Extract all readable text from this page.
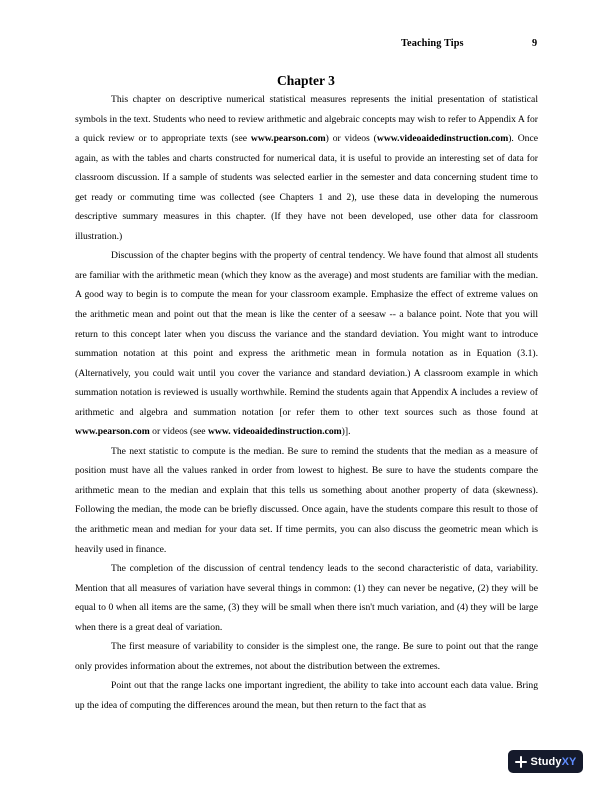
Teaching Tips	9
Chapter 3

This chapter on descriptive numerical statistical measures represents the initial presentation of statistical symbols in the text. Students who need to review arithmetic and algebraic concepts may wish to refer to Appendix A for a quick review or to appropriate texts (see www.pearson.com) or videos (www.videoaidedinstruction.com). Once again, as with the tables and charts constructed for numerical data, it is useful to provide an interesting set of data for classroom discussion. If a sample of students was selected earlier in the semester and data concerning student time to get ready or commuting time was collected (see Chapters 1 and 2), use these data in developing the numerous descriptive summary measures in this chapter. (If they have not been developed, use other data for classroom illustration.)

Discussion of the chapter begins with the property of central tendency. We have found that almost all students are familiar with the arithmetic mean (which they know as the average) and most students are familiar with the median. A good way to begin is to compute the mean for your classroom example. Emphasize the effect of extreme values on the arithmetic mean and point out that the mean is like the center of a seesaw -- a balance point. Note that you will return to this concept later when you discuss the variance and the standard deviation. You might want to introduce summation notation at this point and express the arithmetic mean in formula notation as in Equation (3.1). (Alternatively, you could wait until you cover the variance and standard deviation.) A classroom example in which summation notation is reviewed is usually worthwhile. Remind the students again that Appendix A includes a review of arithmetic and algebra and summation notation [or refer them to other text sources such as those found at www.pearson.com or videos (see www. videoaidedinstruction.com)].

The next statistic to compute is the median. Be sure to remind the students that the median as a measure of position must have all the values ranked in order from lowest to highest. Be sure to have the students compare the arithmetic mean to the median and explain that this tells us something about another property of data (skewness). Following the median, the mode can be briefly discussed. Once again, have the students compare this result to those of the arithmetic mean and median for your data set. If time permits, you can also discuss the geometric mean which is heavily used in finance.

The completion of the discussion of central tendency leads to the second characteristic of data, variability. Mention that all measures of variation have several things in common: (1) they can never be negative, (2) they will be equal to 0 when all items are the same, (3) they will be small when there isn't much variation, and (4) they will be large when there is a great deal of variation.

The first measure of variability to consider is the simplest one, the range. Be sure to point out that the range only provides information about the extremes, not about the distribution between the extremes.

Point out that the range lacks one important ingredient, the ability to take into account each data value. Bring up the idea of computing the differences around the mean, but then return to the fact that as

StudyXY
